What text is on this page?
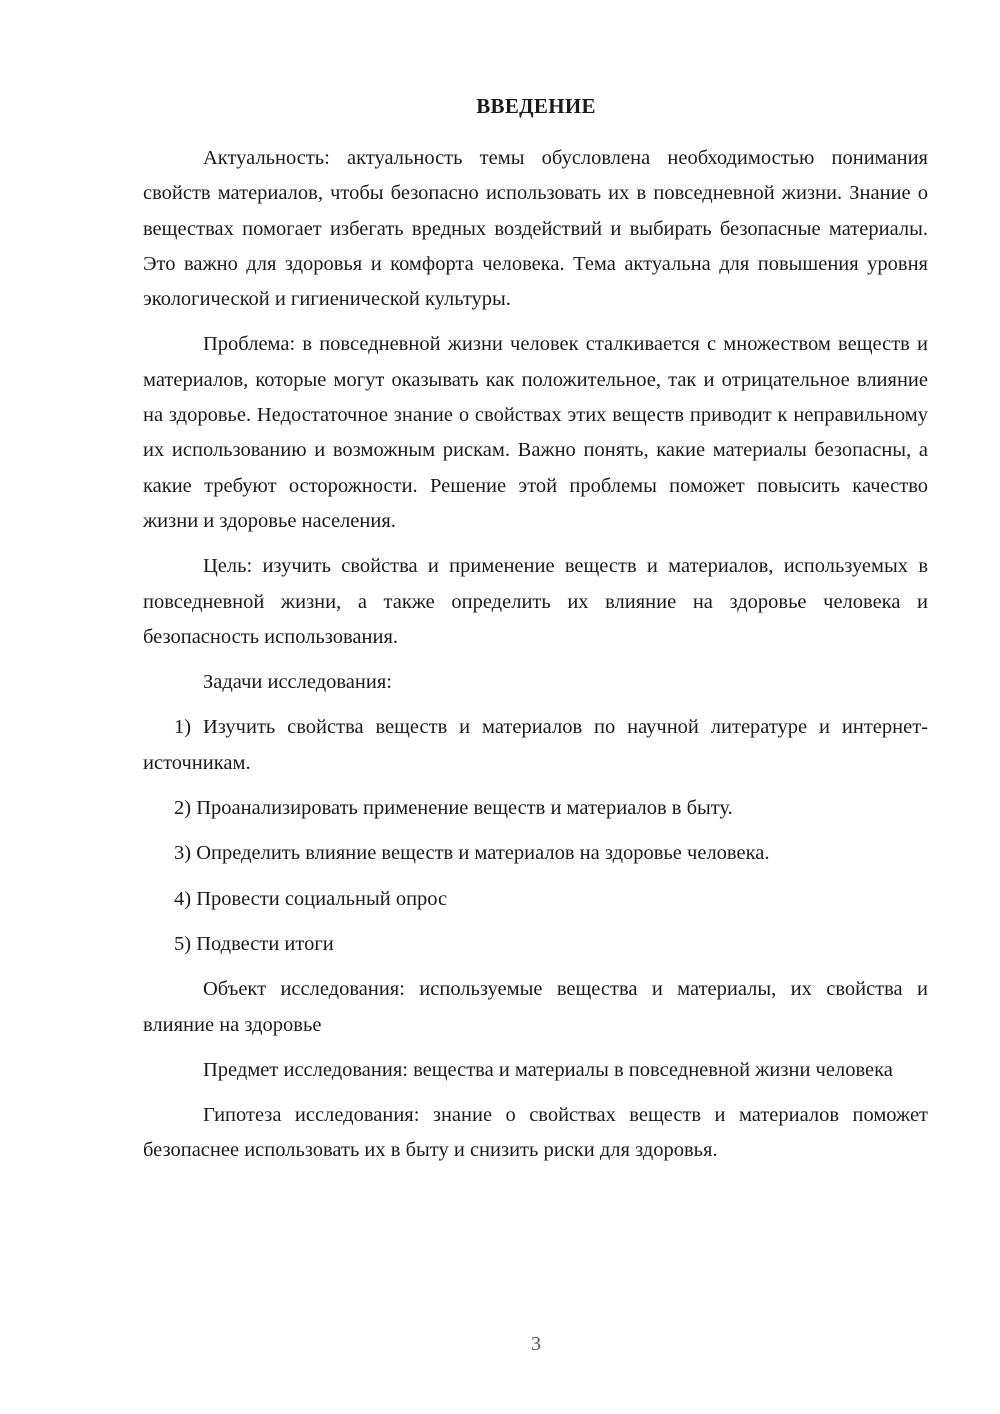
ВВЕДЕНИЕ

Актуальность: актуальность темы обусловлена необходимостью понимания свойств материалов, чтобы безопасно использовать их в повседневной жизни. Знание о веществах помогает избегать вредных воздействий и выбирать безопасные материалы. Это важно для здоровья и комфорта человека. Тема актуальна для повышения уровня экологической и гигиенической культуры.

Проблема: в повседневной жизни человек сталкивается с множеством веществ и материалов, которые могут оказывать как положительное, так и отрицательное влияние на здоровье. Недостаточное знание о свойствах этих веществ приводит к неправильному их использованию и возможным рискам. Важно понять, какие материалы безопасны, а какие требуют осторожности. Решение этой проблемы поможет повысить качество жизни и здоровье населения.

Цель: изучить свойства и применение веществ и материалов, используемых в повседневной жизни, а также определить их влияние на здоровье человека и безопасность использования.

Задачи исследования:

1) Изучить свойства веществ и материалов по научной литературе и интернет-источникам.

2) Проанализировать применение веществ и материалов в быту.

3) Определить влияние веществ и материалов на здоровье человека.

4) Провести социальный опрос

5) Подвести итоги

Объект исследования: используемые вещества и материалы, их свойства и влияние на здоровье

Предмет исследования: вещества и материалы в повседневной жизни человека

Гипотеза исследования: знание о свойствах веществ и материалов поможет безопаснее использовать их в быту и снизить риски для здоровья.

3
